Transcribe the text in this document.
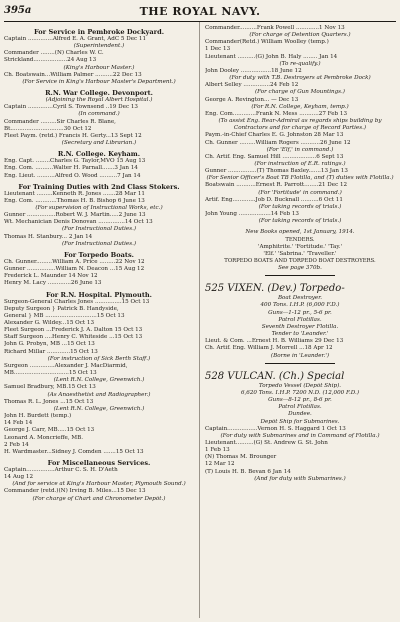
395a	THE ROYAL NAVY.
For Service in Pembroke Dockyard.
Captain ..............Alfred E. A. Grant, AdC 5 Dec 11
(Superintendent.)
Commander ........(N) Charles W. C.
Strickland...................24 Aug 13
(King's Harbour Master.)
Ch. Boatswain...William Palmer ..........22 Dec 13
(For Service in King's Harbour Master's Department.)
R.N. War College. Devonport.
(Adjoining the Royal Albert Hospital.)
Captain ..............Cyril S. Townsend ..19 Dec 13
(In command.)
Commander .........Sir Charles R. Blane,
Bt..............................30 Oct 12
Fleet Paym. (retd.) Francis H. Gerty...13 Sept 12
(Secretary and Librarian.)
R.N. College. Keyham.
Eng. Capt. ........Charles G. Taylor,MVO 15 Aug 13
Eng. Com. ..........Walter H. Parnall.......3 Jan 14
Eng. Lieut. ..........Alfred O. Wood ..........7 Jan 14
For Training Duties with 2nd Class Stokers.
Lieutenant .........Kenneth R. Jones .......28 Mar 11
Eng. Com. ............Thomas H. B. Bishop 6 June 13
(For supervision of Instructional Works, etc.)
Gunner ................Robert W. J. Martin.....2 June 13
Wt. Mechanician Denis Donovan ...............14 Oct 13
(For Instructional Duties.)
Thomas H. Stanbury... 2 Jan 14
(For Instructional Duties.)
For Torpedo Boats.
Ch. Gunner.........William A. Price .........22 Nov 12
Gunner ................William N. Deacon ...15 Aug 12
Frederick L. Maunder 14 Nov 12
Henry M. Lacy .............26 June 13
For R.N. Hospital. Plymouth.
Surgeon-General Charles Jones ...............15 Oct 13
Deputy Surgeon } Patrick B. Handyside,
General } MB .............................15 Oct 13
Alexander G. Wildey...15 Oct 13
Fleet Surgeon ...Frederick J. A. Dalton 15 Oct 13
Staff Surgeon ....Henry C. Whiteside ...15 Oct 13
John G. Probyn, MB ...15 Oct 13
Richard Millar .............15 Oct 13
(For instruction of Sick Berth Staff.)
Surgeon ..............Alexander J. MacDiarmid,
MB...............................15 Oct 13
(Lent R.N. College, Greenwich.)
Samuel Bradbury, MB.15 Oct 13
(As Anaesthetist and Radiographer.)
Thomas R. L. Jones ...15 Oct 13
(Lent R.N. College, Greenwich.)
John H. Burdett (temp.)
14 Feb 14
George J. Carr, MB.....15 Oct 13
Leonard A. Moncrieffe, MB.
2 Feb 14
H. Wardmaster...Sidney J. Comden .......15 Oct 13
For Miscellaneous Services.
Captain................Arthur C. S. H. D'Aeth
14 Aug 12
(And for service at King's Harbour Master, Plymouth Sound.)
Commander (retd.)(N) Irving B. Miles...15 Dec 13
(For charge of Chart and Chronometer Depôt.)
Commander..........Frank Powell .............1 Nov 13
(For charge of Detention Quarters.)
Commander(Retd.) William Woolley (temp.)
1 Dec 13
Lieutenant ..........(G) John B. Haly ........ Jan 14
(To re-qualify.)
John Dooley .................18 June 12
(For duty with T.B. Destroyers at Pembroke Dock)
Albert Selley ...............24 Feb 12
(For charge of Gun Mountings.)
George A. Revington... — Dec 13
(For R.N. College, Keyham, temp.)
Eng. Com.............Frank N. Mess ...........27 Feb 13
(To assist Eng. Rear-Admiral as regards ships building by Contractors and for charge of Record Parties.)
Paym.-in-Chief Charles E. G. Johnston 28 Mar 13
Ch. Gunner .........William Rogers ...........26 June 12
(For 'Elf,' in command.)
Ch. Artif. Eng. Samuel Hill ...................6 Sept 13
(For instruction of E.R. ratings.)
Gunner ................(T) Thomas Baxley.......13 Jan 13
(For Senior Officer's Boat TB Flotilla, and (T) duties with Flotilla.)
Boatswain ...........Ernest R. Parrott........21 Dec 12
(For 'Fortitude' in command.)
Artif. Eng.............Job D. Bucknall ..........6 Oct 11
(For taking records of trials.)
John Young ..................14 Feb 13
(For taking records of trials.)
New Books opened, 1st January, 1914.
TENDERS.
'Amphitrite.' 'Fortitude.' 'Tay.'
'Elf.' 'Sabrina.' 'Traveller.'
TORPEDO BOATS AND TORPEDO BOAT DESTROYERS.
See page 370b.
525 VIXEN. (Dev.) Torpedo-
Boat Destroyer.
400 Tons. I.H.P. (6,000 F.D.)
Guns—1-12 pr., 5-6 pr.
Patrol Flotillas.
Seventh Destroyer Flotilla.
Tender to 'Leander.'
Lieut. & Com. ...Ernest H. B. Williams 29 Dec 13
Ch. Artif. Eng. William J. Morrell ...18 Apr 12
(Borne in 'Leander.')
528 VULCAN. (Ch.) Special
Torpedo Vessel (Depôt Ship).
6,620 Tons. I.H.P. 7200 N.D. (12,000 F.D.)
Guns—8-12 pr., 8-6 pr.
Patrol Flotillas.
Dundee.
Depôt Ship for Submarines.
Captain.................Vernon H. S. Haggard 1 Oct 13
(For duty with Submarines and in Command of Flotilla.)
Lieutenant..........(G) St. Andrew G. St. John
1 Feb 13
(N) Thomas M. Brounger
12 Mar 12
(T) Louis H. B. Bevan 6 Jan 14
(And for duty with Submarines.)
